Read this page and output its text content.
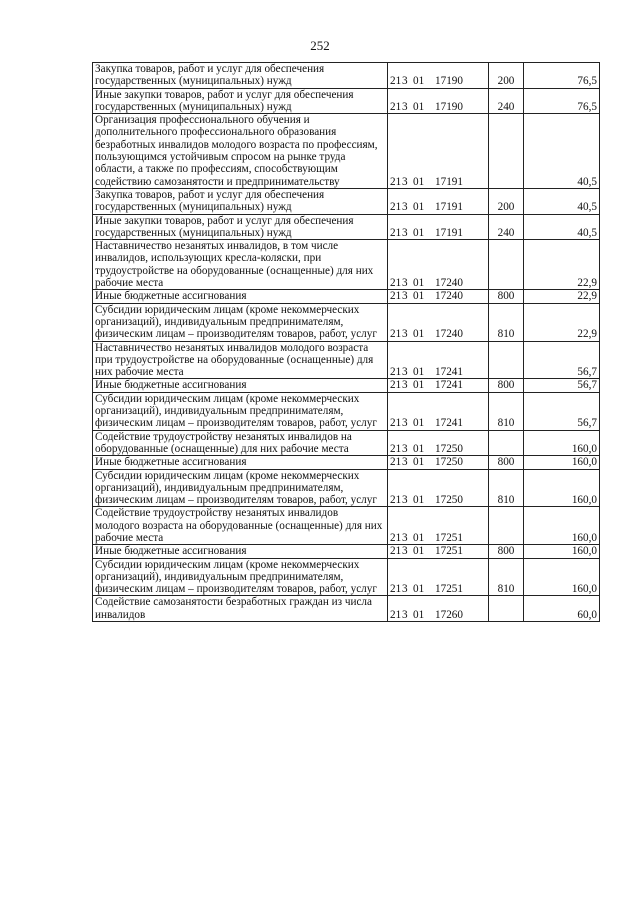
252
Закупка товаров, работ и услуг для обеспечения государственных (муниципальных) нужд	213 01 17190	200	76,5
Иные закупки товаров, работ и услуг для обеспечения государственных (муниципальных) нужд	213 01 17190	240	76,5
Организация профессионального обучения и дополнительного профессионального образования безработных инвалидов молодого возраста по профессиям, пользующимся устойчивым спросом на рынке труда области, а также по профессиям, способствующим содействию самозанятости и предпринимательству	213 01 17191		40,5
Закупка товаров, работ и услуг для обеспечения государственных (муниципальных) нужд	213 01 17191	200	40,5
Иные закупки товаров, работ и услуг для обеспечения государственных (муниципальных) нужд	213 01 17191	240	40,5
Наставничество незанятых инвалидов, в том числе инвалидов, использующих кресла-коляски, при трудоустройстве на оборудованные (оснащенные) для них рабочие места	213 01 17240		22,9
Иные бюджетные ассигнования	213 01 17240	800	22,9
Субсидии юридическим лицам (кроме некоммерческих организаций), индивидуальным предпринимателям, физическим лицам – производителям товаров, работ, услуг	213 01 17240	810	22,9
Наставничество незанятых инвалидов молодого возраста при трудоустройстве на оборудованные (оснащенные) для них рабочие места	213 01 17241		56,7
Иные бюджетные ассигнования	213 01 17241	800	56,7
Субсидии юридическим лицам (кроме некоммерческих организаций), индивидуальным предпринимателям, физическим лицам – производителям товаров, работ, услуг	213 01 17241	810	56,7
Содействие трудоустройству незанятых инвалидов на оборудованные (оснащенные) для них рабочие места	213 01 17250		160,0
Иные бюджетные ассигнования	213 01 17250	800	160,0
Субсидии юридическим лицам (кроме некоммерческих организаций), индивидуальным предпринимателям, физическим лицам – производителям товаров, работ, услуг	213 01 17250	810	160,0
Содействие трудоустройству незанятых инвалидов молодого возраста на оборудованные (оснащенные) для них рабочие места	213 01 17251		160,0
Иные бюджетные ассигнования	213 01 17251	800	160,0
Субсидии юридическим лицам (кроме некоммерческих организаций), индивидуальным предпринимателям, физическим лицам – производителям товаров, работ, услуг	213 01 17251	810	160,0
Содействие самозанятости безработных граждан из числа инвалидов	213 01 17260		60,0
